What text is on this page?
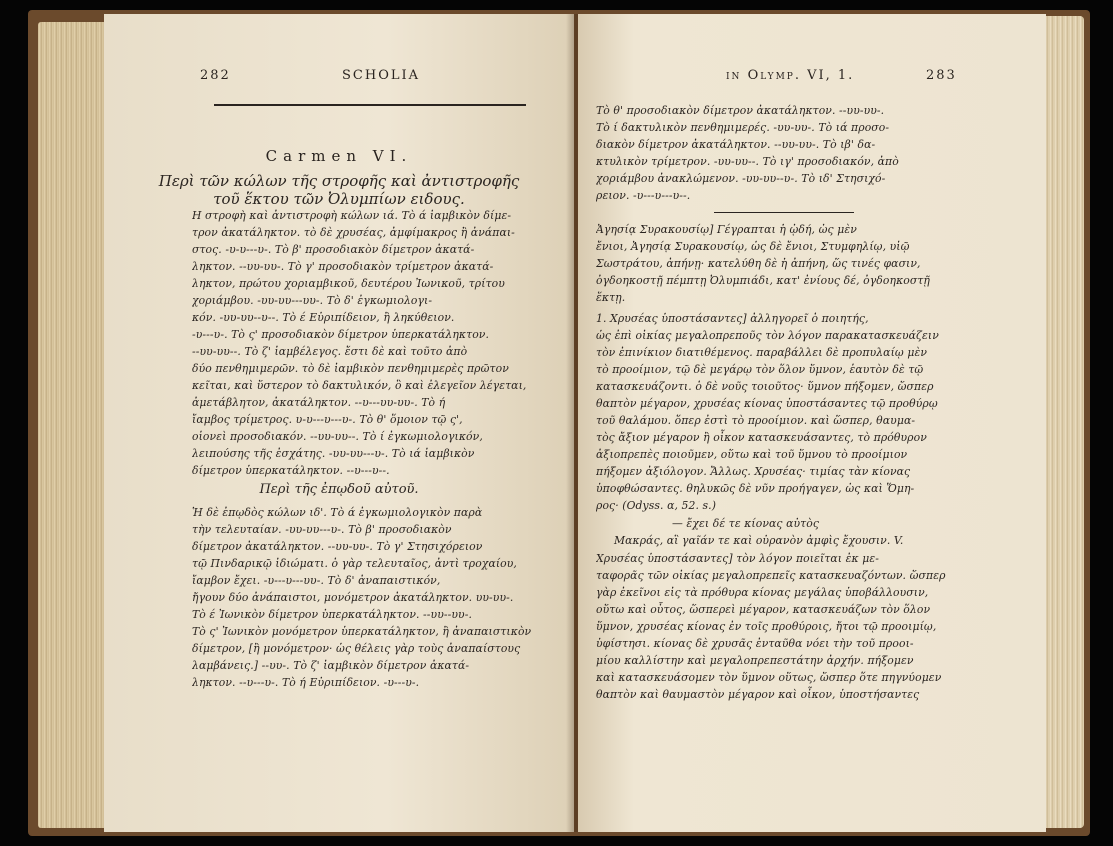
282	SCHOLIA
Carmen VI.
Περὶ τῶν κώλων τῆς στροφῆς καὶ ἀντιστροφῆς
τοῦ ἕκτου τῶν Ὀλυμπίων ειδους.
Η στροφὴ καὶ ἀντιστροφὴ κώλων ιά. Τὸ ά ἰαμβικὸν δίμε-
τρον ἀκατάληκτον. τὸ δὲ χρυσέας, ἀμφίμακρος ἢ ἀνάπαι-
στος. -υ-υ---υ-. Τὸ β' προσοδιακὸν δίμετρον ἀκατά-
ληκτον. --υυ-υυ-. Τὸ γ' προσοδιακὸν τρίμετρον ἀκατά-
ληκτον, πρώτου χοριαμβικοῦ, δευτέρου Ἰωνικοῦ, τρίτου
χοριάμβου. -υυ-υυ---υυ-. Τὸ δ' ἐγκωμιολογι-
κόν. -υυ-υυ--υ--. Τὸ έ Εὐριπίδειον, ἢ ληκύθειον.
-υ---υ-. Τὸ ς' προσοδιακὸν δίμετρον ὑπερκατάληκτον.
--υυ-υυ--. Τὸ ζ' ἰαμβέλεγος. ἔστι δὲ καὶ τοῦτο ἀπὸ
δύο πενθημιμερῶν. τὸ δὲ ἰαμβικὸν πενθημιμερὲς πρῶτον
κεῖται, καὶ ὕστερον τὸ δακτυλικόν, ὃ καὶ ἐλεγεῖον λέγεται,
ἀμετάβλητον, ἀκατάληκτον. --υ---υυ-υυ-. Τὸ ή
ἴαμβος τρίμετρος. υ-υ---υ---υ-. Τὸ θ' ὅμοιον τῷ ς',
οἱονεὶ προσοδιακόν. --υυ-υυ--. Τὸ ί ἐγκωμιολογικόν,
λειπούσης τῆς ἐσχάτης. -υυ-υυ---υ-. Τὸ ιά ἰαμβικὸν
δίμετρον ὑπερκατάληκτον. --υ---υ--.
Περὶ τῆς ἐπῳδοῦ αὐτοῦ.
Ἡ δὲ ἐπῳδὸς κώλων ιδ'. Τὸ ά ἐγκωμιολογικὸν παρὰ
τὴν τελευταίαν. -υυ-υυ---υ-. Τὸ β' προσοδιακὸν
δίμετρον ἀκατάληκτον. --υυ-υυ-. Τὸ γ' Στησιχόρειον
τῷ Πινδαρικῷ ἰδιώματι. ὁ γὰρ τελευταῖος, ἀντὶ τροχαίου,
ἴαμβον ἔχει. -υ---υ---υυ-. Τὸ δ' ἀναπαιστικόν,
ἤγουν δύο ἀνάπαιστοι, μονόμετρον ἀκατάληκτον. υυ-υυ-.
Τὸ έ Ἰωνικὸν δίμετρον ὑπερκατάληκτον. --υυ--υυ-.
Τὸ ς' Ἰωνικὸν μονόμετρον ὑπερκατάληκτον, ἢ ἀναπαιστικὸν
δίμετρον, [ἢ μονόμετρον· ὡς θέλεις γὰρ τοὺς ἀναπαίστους
λαμβάνεις.] --υυ-. Τὸ ζ' ἰαμβικὸν δίμετρον ἀκατά-
ληκτον. --υ---υ-. Τὸ ή Εὐριπίδειον. -υ---υ-.
in Olymp. VI, 1.	283
Τὸ θ' προσοδιακὸν δίμετρον ἀκατάληκτον. --υυ-υυ-.
Τὸ ί δακτυλικὸν πενθημιμερές. -υυ-υυ-. Τὸ ιά προσο-
διακὸν δίμετρον ἀκατάληκτον. --υυ-υυ-. Τὸ ιβ' δα-
κτυλικὸν τρίμετρον. -υυ-υυ--. Τὸ ιγ' προσοδιακόν, ἀπὸ
χοριάμβου ἀνακλώμενον. -υυ-υυ--υ-. Τὸ ιδ' Στησιχό-
ρειον. -υ---υ---υ--.
Ἀγησίᾳ Συρακουσίῳ] Γέγραπται ἡ ᾠδή, ὡς μὲν
ἔνιοι, Ἀγησίᾳ Συρακουσίῳ, ὡς δὲ ἔνιοι, Στυμφηλίῳ, υἱῷ
Σωστράτου, ἀπήνῃ· κατελύθη δὲ ἡ ἀπήνη, ὥς τινές φασιν,
ὀγδοηκοστῇ πέμπτῃ Ὀλυμπιάδι, κατ' ἐνίους δέ, ὀγδοηκοστῇ
ἕκτῃ.
1. Χρυσέας ὑποστάσαντες] ἀλληγορεῖ ὁ ποιητής,
ὡς ἐπὶ οἰκίας μεγαλοπρεποῦς τὸν λόγον παρακατασκευάζειν
τὸν ἐπινίκιον διατιθέμενος. παραβάλλει δὲ προπυλαίῳ μὲν
τὸ προοίμιον, τῷ δὲ μεγάρῳ τὸν ὅλον ὕμνον, ἑαυτὸν δὲ τῷ
κατασκευάζοντι. ὁ δὲ νοῦς τοιοῦτος· ὕμνον πήξομεν, ὥσπερ
θαπτὸν μέγαρον, χρυσέας κίονας ὑποστάσαντες τῷ προθύρῳ
τοῦ θαλάμου. ὅπερ ἐστὶ τὸ προοίμιον. καὶ ὥσπερ, θαυμα-
τὸς ἄξιον μέγαρον ἢ οἶκον κατασκευάσαντες, τὸ πρόθυρον
ἀξιοπρεπὲς ποιοῦμεν, οὕτω καὶ τοῦ ὕμνου τὸ προοίμιον
πήξομεν ἀξιόλογον. Ἄλλως. Χρυσέας· τιμίας τὰν κίονας
ὑποφθώσαντες. θηλυκῶς δὲ νῦν προήγαγεν, ὡς καὶ Ὅμη-
ρος· (Odyss. α, 52. s.)
— ἔχει δέ τε κίονας αὐτὸς
Μακράς, αἳ γαῖάν τε καὶ οὐρανὸν ἀμφὶς ἔχουσιν. V.
Χρυσέας ὑποστάσαντες] τὸν λόγον ποιεῖται ἐκ με-
ταφορᾶς τῶν οἰκίας μεγαλοπρεπεῖς κατασκευαζόντων. ὥσπερ
γὰρ ἐκεῖνοι εἰς τὰ πρόθυρα κίονας μεγάλας ὑποβάλλουσιν,
οὕτω καὶ οὗτος, ὥσπερεὶ μέγαρον, κατασκευάζων τὸν ὅλον
ὕμνον, χρυσέας κίονας ἐν τοῖς προθύροις, ἤτοι τῷ προοιμίῳ,
ὑφίστησι. κίονας δὲ χρυσᾶς ἐνταῦθα νόει τὴν τοῦ προοι-
μίου καλλίστην καὶ μεγαλοπρεπεστάτην ἀρχήν. πήξομεν
καὶ κατασκευάσομεν τὸν ὕμνον οὕτως, ὥσπερ ὅτε πηγνύομεν
θαπτὸν καὶ θαυμαστὸν μέγαρον καὶ οἶκον, ὑποστήσαντες
